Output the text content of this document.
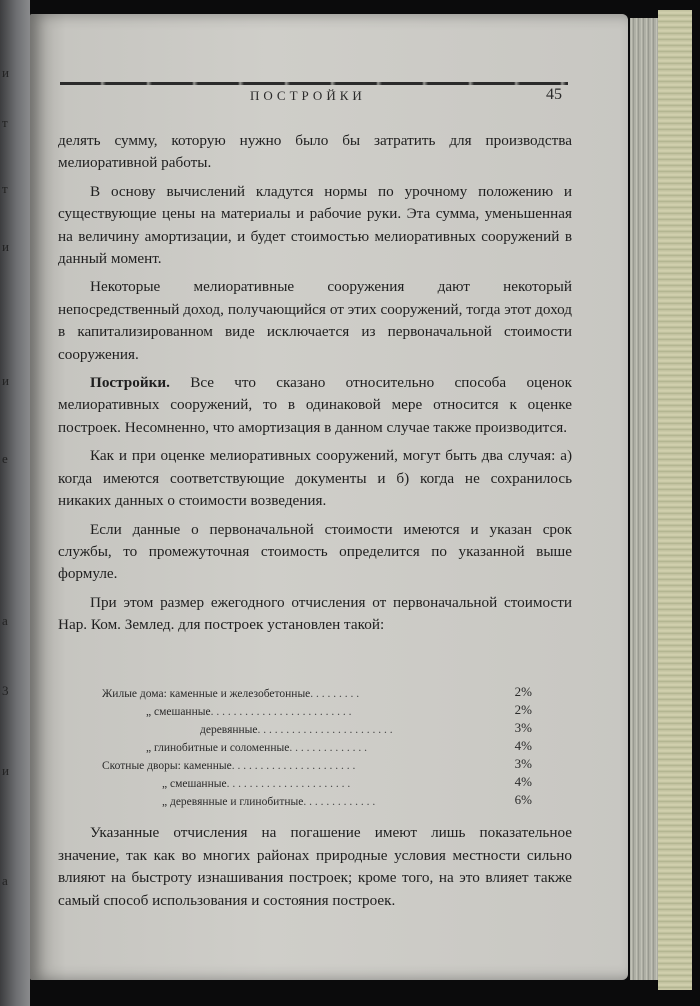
и
т
т
и
и
е
а
3
и
а
ПОСТРОЙКИ	45

делять сумму, которую нужно было бы затратить для производства мелиоративной работы.

В основу вычислений кладутся нормы по урочному положению и существующие цены на материалы и рабочие руки. Эта сумма, уменьшенная на величину амортизации, и будет стоимостью мелиоративных сооружений в данный момент.

Некоторые мелиоративные сооружения дают некоторый непосредственный доход, получающийся от этих сооружений, тогда этот доход в капитализированном виде исключается из первоначальной стоимости сооружения.

Постройки. Все что сказано относительно способа оценок мелиоративных сооружений, то в одинаковой мере относится к оценке построек. Несомненно, что амортизация в данном случае также производится.

Как и при оценке мелиоративных сооружений, могут быть два случая: а) когда имеются соответствующие документы и б) когда не сохранилось никаких данных о стоимости возведения.

Если данные о первоначальной стоимости имеются и указан срок службы, то промежуточная стоимость определится по указанной выше формуле.

При этом размер ежегодного отчисления от первоначальной стоимости Нар. Ком. Землед. для построек установлен такой:

Жилые дома: каменные и железобетонные. . . . . . . . .	2%
„ смешанные. . . . . . . . . . . . . . . . . . . . . . . . .	2%
деревянные. . . . . . . . . . . . . . . . . . . . . . . .	3%
„ глинобитные и соломенные. . . . . . . . . . . . . .	4%
Скотные дворы: каменные. . . . . . . . . . . . . . . . . . . . . .	3%
„ смешанные. . . . . . . . . . . . . . . . . . . . . .	4%
„ деревянные и глинобитные. . . . . . . . . . . . .	6%

Указанные отчисления на погашение имеют лишь показательное значение, так как во многих районах природные условия местности сильно влияют на быстроту изнашивания построек; кроме того, на это влияет также самый способ использования и состояния построек.
